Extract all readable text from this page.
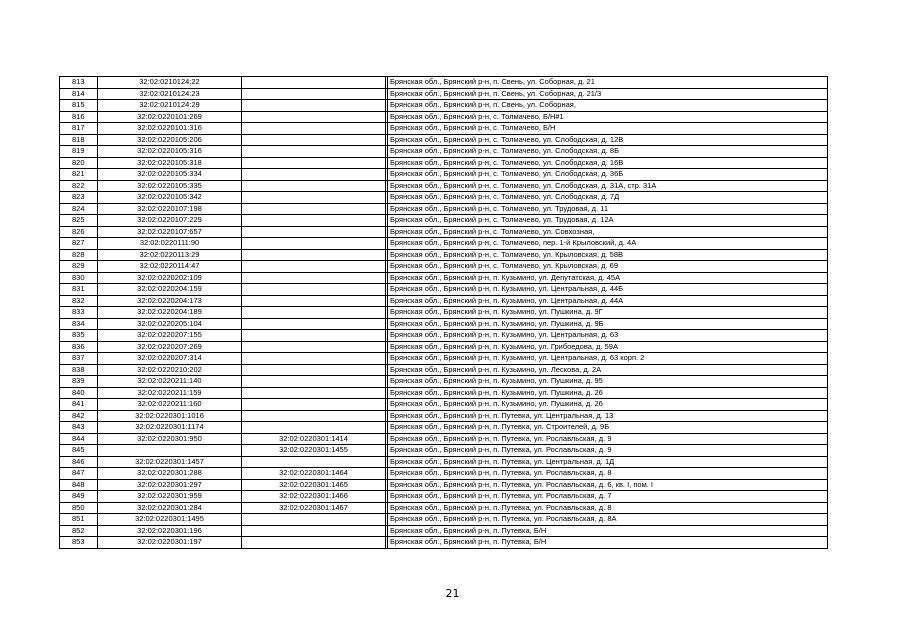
813	32:02:0210124:22			Брянская обл., Брянский р-н, п. Свень, ул. Соборная, д. 21
814	32:02:0210124:23			Брянская обл., Брянский р-н, п. Свень, ул. Соборная, д. 21/3
815	32:02:0210124:29			Брянская обл., Брянский р-н, п. Свень, ул. Соборная,
816	32:02:0220101:269			Брянская обл., Брянский р-н, с. Толмачево, Б/Н#1
817	32:02:0220101:316			Брянская обл., Брянский р-н, с. Толмачево, Б/Н
818	32:02:0220105:206			Брянская обл., Брянский р-н, с. Толмачево, ул. Слободская, д. 12В
819	32:02:0220105:316			Брянская обл., Брянский р-н, с. Толмачево, ул. Слободская, д. 8Б
820	32:02:0220105:318			Брянская обл., Брянский р-н, с. Толмачево, ул. Слободская, д. 16В
821	32:02:0220105:334			Брянская обл., Брянский р-н, с. Толмачево, ул. Слободская, д. 36Б
822	32:02:0220105:335			Брянская обл., Брянский р-н, с. Толмачево, ул. Слободская, д. 31А, стр. 31А
823	32:02:0220105:342			Брянская обл., Брянский р-н, с. Толмачево, ул. Слободская, д. 7Д
824	32:02:0220107:198			Брянская обл., Брянский р-н, с. Толмачево, ул. Трудовая, д. 11
825	32:02:0220107:229			Брянская обл., Брянский р-н, с. Толмачево, ул. Трудовая, д. 12А
826	32:02:0220107:657			Брянская обл., Брянский р-н, с. Толмачево, ул. Совхозная,
827	32:02:0220111:90			Брянская обл., Брянский р-н, с. Толмачево, пер. 1-й Крыловский, д. 4А
828	32:02:0220113:29			Брянская обл., Брянский р-н, с. Толмачево, ул. Крыловская, д. 58В
829	32:02:0220114:47			Брянская обл., Брянский р-н, с. Толмачево, ул. Крыловская, д. 69
830	32:02:0220202:109			Брянская обл., Брянский р-н, п. Кузьмино, ул. Депутатская, д. 45А
831	32:02:0220204:159			Брянская обл., Брянский р-н, п. Кузьмино, ул. Центральная, д. 44Б
832	32:02:0220204:173			Брянская обл., Брянский р-н, п. Кузьмино, ул. Центральная, д. 44А
833	32:02:0220204:189			Брянская обл., Брянский р-н, п. Кузьмино, ул. Пушкина, д. 9Г
834	32:02:0220205:104			Брянская обл., Брянский р-н, п. Кузьмино, ул. Пушкина, д. 9Б
835	32:02:0220207:155			Брянская обл., Брянский р-н, п. Кузьмино, ул. Центральная, д. 63
836	32:02:0220207:269			Брянская обл., Брянский р-н, п. Кузьмино, ул. Грибоедова, д. 59А
837	32:02:0220207:314			Брянская обл., Брянский р-н, п. Кузьмино, ул. Центральная, д. 63 корп. 2
838	32:02:0220210:202			Брянская обл., Брянский р-н, п. Кузьмино, ул. Лескова, д. 2А
839	32:02:0220211:140			Брянская обл., Брянский р-н, п. Кузьмино, ул. Пушкина, д. 95
840	32:02:0220211:159			Брянская обл., Брянский р-н, п. Кузьмино, ул. Пушкина, д. 26
841	32:02:0220211:160			Брянская обл., Брянский р-н, п. Кузьмино, ул. Пушкина, д. 26
842	32:02:0220301:1016			Брянская обл., Брянский р-н, п. Путевка, ул. Центральная, д. 13
843	32:02:0220301:1174			Брянская обл., Брянский р-н, п. Путевка, ул. Строителей, д. 9Б
844	32:02:0220301:950	32:02:0220301:1414		Брянская обл., Брянский р-н, п. Путевка, ул. Рославльская, д. 9
845		32:02:0220301:1455		Брянская обл., Брянский р-н, п. Путевка, ул. Рославльская, д. 9
846	32:02:0220301:1457			Брянская обл., Брянский р-н, п. Путевка, ул. Центральная, д. 1Д
847	32:02:0220301:288	32:02:0220301:1464		Брянская обл., Брянский р-н, п. Путевка, ул. Рославльская, д. 8
848	32:02:0220301:297	32:02:0220301:1465		Брянская обл., Брянский р-н, п. Путевка, ул. Рославльская, д. 6, кв. I, пом. I
849	32:02:0220301:959	32:02:0220301:1466		Брянская обл., Брянский р-н, п. Путевка, ул. Рославльская, д. 7
850	32:02:0220301:284	32:02:0220301:1467		Брянская обл., Брянский р-н, п. Путевка, ул. Рославльская, д. 8
851	32:02:0220301:1495			Брянская обл., Брянский р-н, п. Путевка, ул. Рославльская, д. 8А
852	32:02:0220301:196			Брянская обл., Брянский р-н, п. Путевка, Б/Н
853	32:02:0220301:197			Брянская обл., Брянский р-н, п. Путевка, Б/Н
21
